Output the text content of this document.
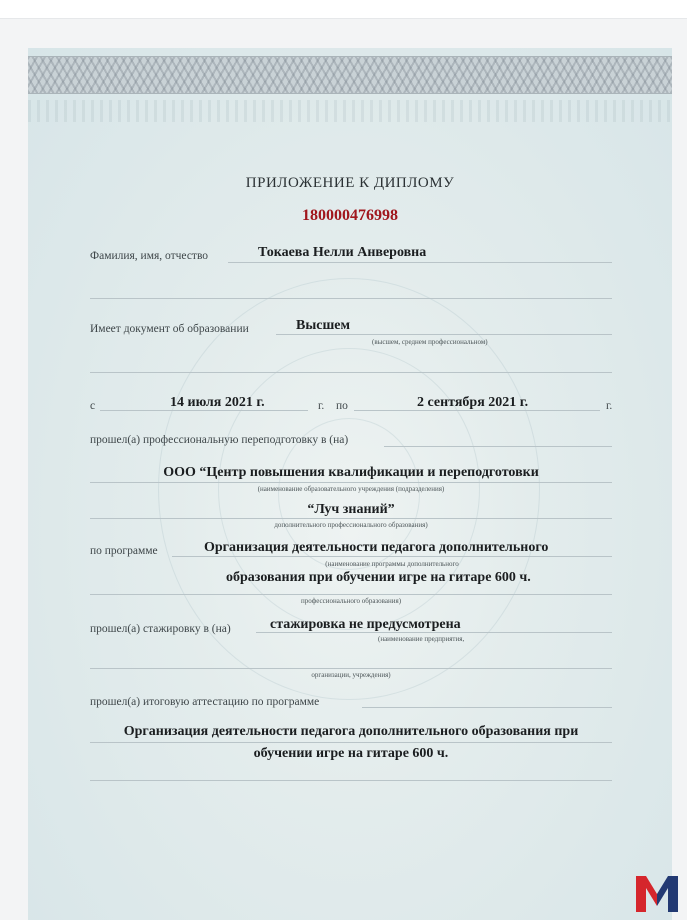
ПРИЛОЖЕНИЕ К ДИПЛОМУ
180000476998
Фамилия, имя, отчество	Токаева Нелли Анверовна
Имеет документ об образовании	Высшем
(высшем, среднем профессиональном)
с	14 июля 2021 г.	г. по	2 сентября 2021 г.	г.
прошел(а) профессиональную переподготовку в (на)
ООО “Центр повышения квалификации и переподготовки
(наименование образовательного учреждения (подразделения)
“Луч знаний”
дополнительного профессионального образования)
по программе	Организация деятельности педагога дополнительного
(наименование программы дополнительного
образования при обучении игре на гитаре 600 ч.
профессионального образования)
прошел(а) стажировку в (на)	стажировка не предусмотрена
(наименование предприятия,
организации, учреждения)
прошел(а) итоговую аттестацию по программе
Организация деятельности педагога дополнительного образования при
обучении игре на гитаре 600 ч.
